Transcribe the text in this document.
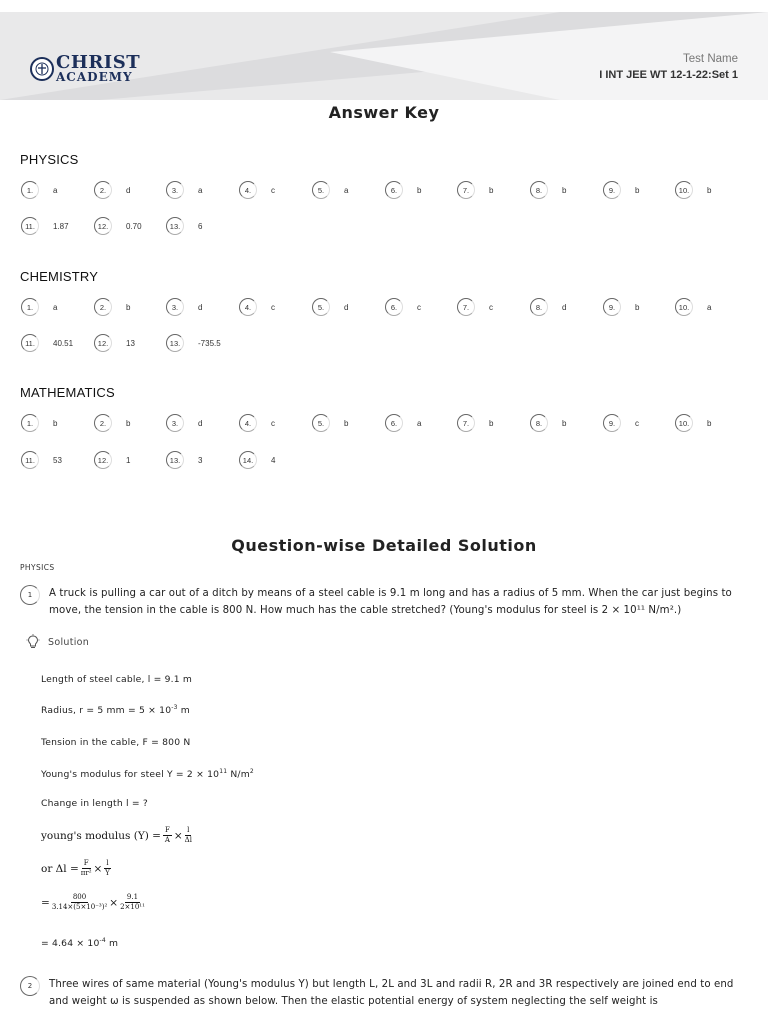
CHRIST
ACADEMY
Test Name
I INT JEE WT 12-1-22:Set 1
Answer Key
PHYSICS
1.	a	2.	d	3.	a	4.	c	5.	a	6.	b	7.	b	8.	b	9.	b	10.	b
11.	1.87	12.	0.70	13.	6
CHEMISTRY
1.	a	2.	b	3.	d	4.	c	5.	d	6.	c	7.	c	8.	d	9.	b	10.	a
11.	40.51	12.	13	13.	-735.5
MATHEMATICS
1.	b	2.	b	3.	d	4.	c	5.	b	6.	a	7.	b	8.	b	9.	c	10.	b
11.	53	12.	1	13.	3	14.	4
Question-wise Detailed Solution
PHYSICS
1	A truck is pulling a car out of a ditch by means of a steel cable is 9.1 m long and has a radius of 5 mm. When the car just begins to move, the tension in the cable is 800 N. How much has the cable stretched? (Young's modulus for steel is 2 × 10¹¹ N/m².)
Solution
Length of steel cable, l = 9.1 m
Radius, r = 5 mm = $5 \times 10^{-3}$ m
Tension in the cable, F = 800 N
Young's modulus for steel $Y = 2 \times 10^{11}$ $N/m^2$
Change in length l = ?
young's modulus $(Y) = \frac{F}{A} \times \frac{l}{\Delta l}$
or $\Delta l = \frac{F}{\text{πr²}} \times \frac{l}{Y}$
= $\frac{800}{\text{3.14×(5×10⁻³)²}} \times \frac{9.1}{\text{2×10¹¹}}$
= $4.64 \times 10^{-4}$ m
2	Three wires of same material (Young's modulus Y) but length L, 2L and 3L and radii R, 2R and 3R respectively are joined end to end and weight ω is suspended as shown below. Then the elastic potential energy of system neglecting the self weight is
